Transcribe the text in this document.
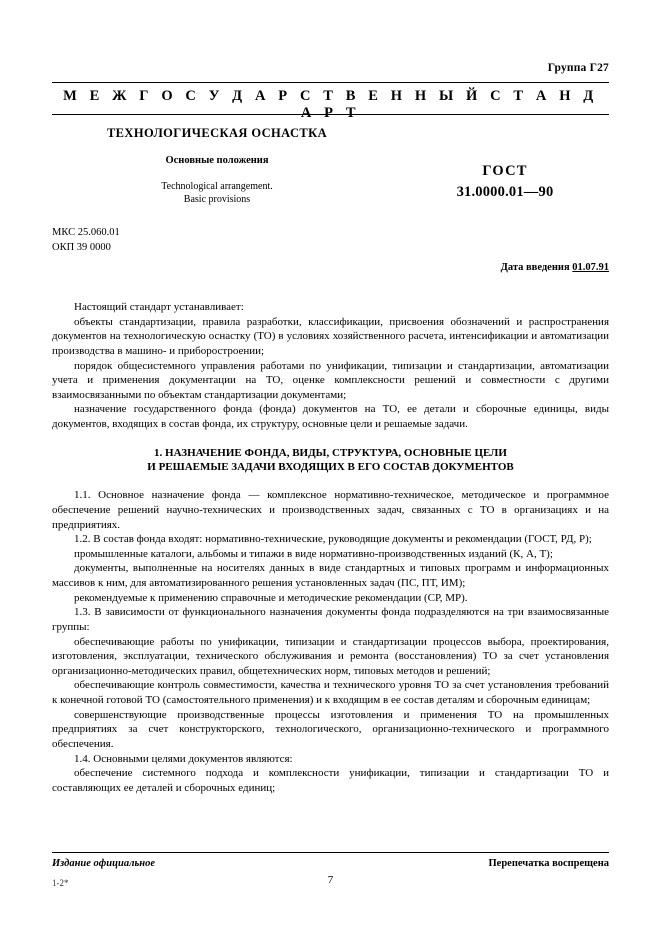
Группа Г27
М Е Ж Г О С У Д А Р С Т В Е Н Н Ы Й С Т А Н Д А Р Т
ТЕХНОЛОГИЧЕСКАЯ ОСНАСТКА
Основные положения
Technological arrangement.
Basic provisions
ГОСТ
31.0000.01—90
МКС 25.060.01
ОКП 39 0000
Дата введения 01.07.91

Настоящий стандарт устанавливает:

объекты стандартизации, правила разработки, классификации, присвоения обозначений и распространения документов на технологическую оснастку (ТО) в условиях хозяйственного расчета, интенсификации и автоматизации производства в машино- и приборостроении;

порядок общесистемного управления работами по унификации, типизации и стандартизации, автоматизации учета и применения документации на ТО, оценке комплексности решений и совместности с другими взаимосвязанными по объектам стандартизации документами;

назначение государственного фонда (фонда) документов на ТО, ее детали и сборочные единицы, виды документов, входящих в состав фонда, их структуру, основные цели и решаемые задачи.

1. НАЗНАЧЕНИЕ ФОНДА, ВИДЫ, СТРУКТУРА, ОСНОВНЫЕ ЦЕЛИ
И РЕШАЕМЫЕ ЗАДАЧИ ВХОДЯЩИХ В ЕГО СОСТАВ ДОКУМЕНТОВ

1.1. Основное назначение фонда — комплексное нормативно-техническое, методическое и программное обеспечение решений научно-технических и производственных задач, связанных с ТО в организациях и на предприятиях.

1.2. В состав фонда входят: нормативно-технические, руководящие документы и рекомендации (ГОСТ, РД, Р);

промышленные каталоги, альбомы и типажи в виде нормативно-производственных изданий (К, А, Т);

документы, выполненные на носителях данных в виде стандартных и типовых программ и информационных массивов к ним, для автоматизированного решения установленных задач (ПС, ПТ, ИМ);

рекомендуемые к применению справочные и методические рекомендации (СР, МР).

1.3. В зависимости от функционального назначения документы фонда подразделяются на три взаимосвязанные группы:

обеспечивающие работы по унификации, типизации и стандартизации процессов выбора, проектирования, изготовления, эксплуатации, технического обслуживания и ремонта (восстановления) ТО за счет установления организационно-методических правил, общетехнических норм, типовых методов и решений;

обеспечивающие контроль совместимости, качества и технического уровня ТО за счет установления требований к конечной готовой ТО (самостоятельного применения) и к входящим в ее состав деталям и сборочным единицам;

совершенствующие производственные процессы изготовления и применения ТО на промышленных предприятиях за счет конструкторского, технологического, организационно-технического и программного обеспечения.

1.4. Основными целями документов являются:

обеспечение системного подхода и комплексности унификации, типизации и стандартизации ТО и составляющих ее деталей и сборочных единиц;

Издание официальное	Перепечатка воспрещена
1-2*	7
